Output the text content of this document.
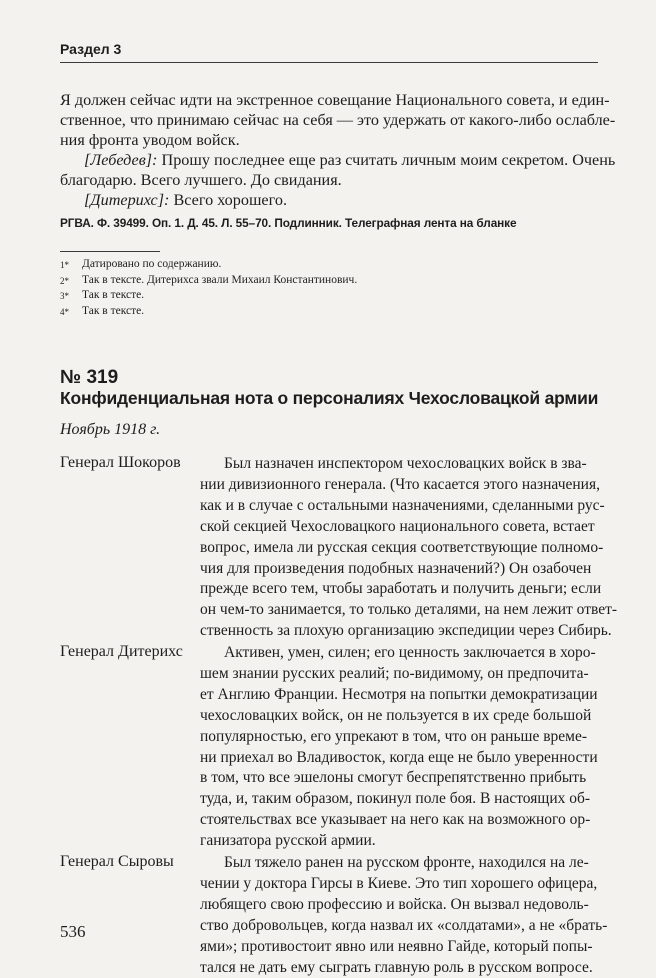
Раздел 3
Я должен сейчас идти на экстренное совещание Национального совета, и един-
ственное, что принимаю сейчас на себя — это удержать от какого-либо ослабле-
ния фронта уводом войск.
[Лебедев]: Прошу последнее еще раз считать личным моим секретом. Очень
благодарю. Всего лучшего. До свидания.
[Дитерихс]: Всего хорошего.
РГВА. Ф. 39499. Оп. 1. Д. 45. Л. 55–70. Подлинник. Телеграфная лента на бланке
1* Датировано по содержанию.
2* Так в тексте. Дитерихса звали Михаил Константинович.
3* Так в тексте.
4* Так в тексте.
№ 319
Конфиденциальная нота о персоналиях Чехословацкой армии
Ноябрь 1918 г.
Генерал Шокоров	Был назначен инспектором чехословацких войск в зва-
нии дивизионного генерала. (Что касается этого назначения,
как и в случае с остальными назначениями, сделанными рус-
ской секцией Чехословацкого национального совета, встает
вопрос, имела ли русская секция соответствующие полномо-
чия для произведения подобных назначений?) Он озабочен
прежде всего тем, чтобы заработать и получить деньги; если
он чем-то занимается, то только деталями, на нем лежит ответ-
ственность за плохую организацию экспедиции через Сибирь.
Генерал Дитерихс	Активен, умен, силен; его ценность заключается в хоро-
шем знании русских реалий; по-видимому, он предпочита-
ет Англию Франции. Несмотря на попытки демократизации
чехословацких войск, он не пользуется в их среде большой
популярностью, его упрекают в том, что он раньше време-
ни приехал во Владивосток, когда еще не было уверенности
в том, что все эшелоны смогут беспрепятственно прибыть
туда, и, таким образом, покинул поле боя. В настоящих об-
стоятельствах все указывает на него как на возможного ор-
ганизатора русской армии.
Генерал Сыровы	Был тяжело ранен на русском фронте, находился на ле-
чении у доктора Гирсы в Киеве. Это тип хорошего офицера,
любящего свою профессию и войска. Он вызвал недоволь-
ство добровольцев, когда назвал их «солдатами», а не «брать-
ями»; противостоит явно или неявно Гайде, который попы-
тался не дать ему сыграть главную роль в русском вопросе.
536
